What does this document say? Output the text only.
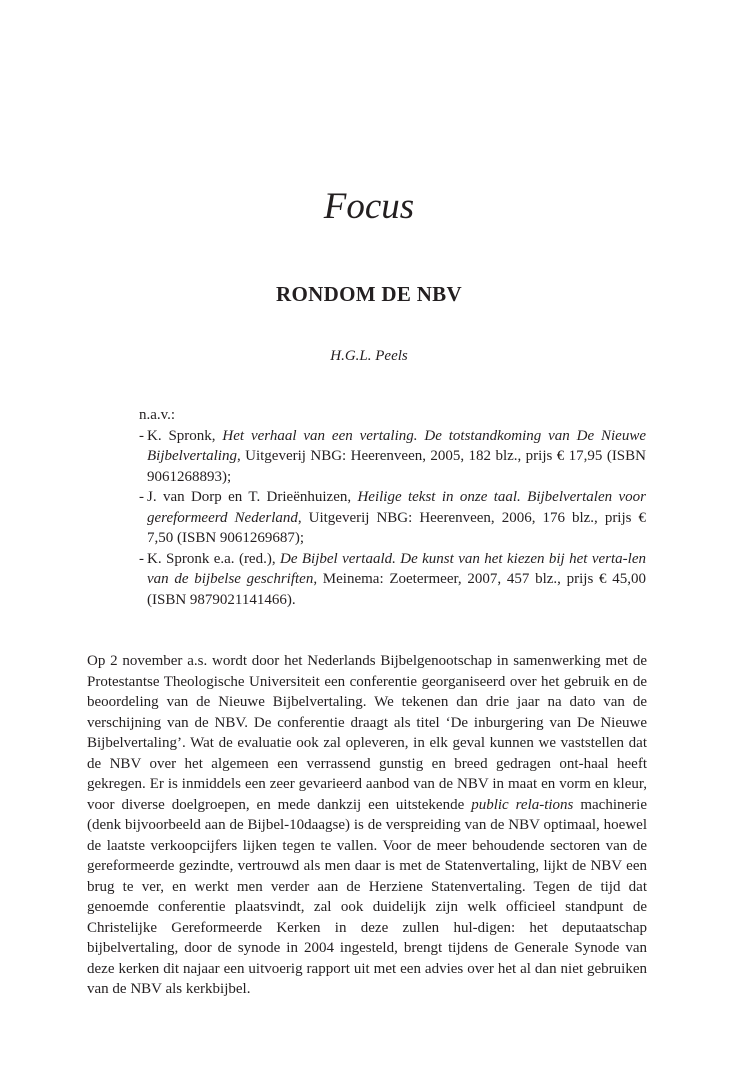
Focus
RONDOM DE NBV

H.G.L. Peels

n.a.v.:

- K. Spronk, Het verhaal van een vertaling. De totstandkoming van De Nieuwe Bijbelvertaling, Uitgeverij NBG: Heerenveen, 2005, 182 blz., prijs € 17,95 (ISBN 9061268893);
- J. van Dorp en T. Drieënhuizen, Heilige tekst in onze taal. Bijbelvertalen voor gereformeerd Nederland, Uitgeverij NBG: Heerenveen, 2006, 176 blz., prijs € 7,50 (ISBN 9061269687);
- K. Spronk e.a. (red.), De Bijbel vertaald. De kunst van het kiezen bij het verta-len van de bijbelse geschriften, Meinema: Zoetermeer, 2007, 457 blz., prijs € 45,00 (ISBN 9879021141466).

Op 2 november a.s. wordt door het Nederlands Bijbelgenootschap in samenwerking met de Protestantse Theologische Universiteit een conferentie georganiseerd over het gebruik en de beoordeling van de Nieuwe Bijbelvertaling. We tekenen dan drie jaar na dato van de verschijning van de NBV. De conferentie draagt als titel ‘De inburgering van De Nieuwe Bijbelvertaling’. Wat de evaluatie ook zal opleveren, in elk geval kunnen we vaststellen dat de NBV over het algemeen een verrassend gunstig en breed gedragen ont-haal heeft gekregen. Er is inmiddels een zeer gevarieerd aanbod van de NBV in maat en vorm en kleur, voor diverse doelgroepen, en mede dankzij een uitstekende public rela-tions machinerie (denk bijvoorbeeld aan de Bijbel-10daagse) is de verspreiding van de NBV optimaal, hoewel de laatste verkoopcijfers lijken tegen te vallen. Voor de meer behoudende sectoren van de gereformeerde gezindte, vertrouwd als men daar is met de Statenvertaling, lijkt de NBV een brug te ver, en werkt men verder aan de Herziene Statenvertaling. Tegen de tijd dat genoemde conferentie plaatsvindt, zal ook duidelijk zijn welk officieel standpunt de Christelijke Gereformeerde Kerken in deze zullen hul-digen: het deputaatschap bijbelvertaling, door de synode in 2004 ingesteld, brengt tijdens de Generale Synode van deze kerken dit najaar een uitvoerig rapport uit met een advies over het al dan niet gebruiken van de NBV als kerkbijbel.
